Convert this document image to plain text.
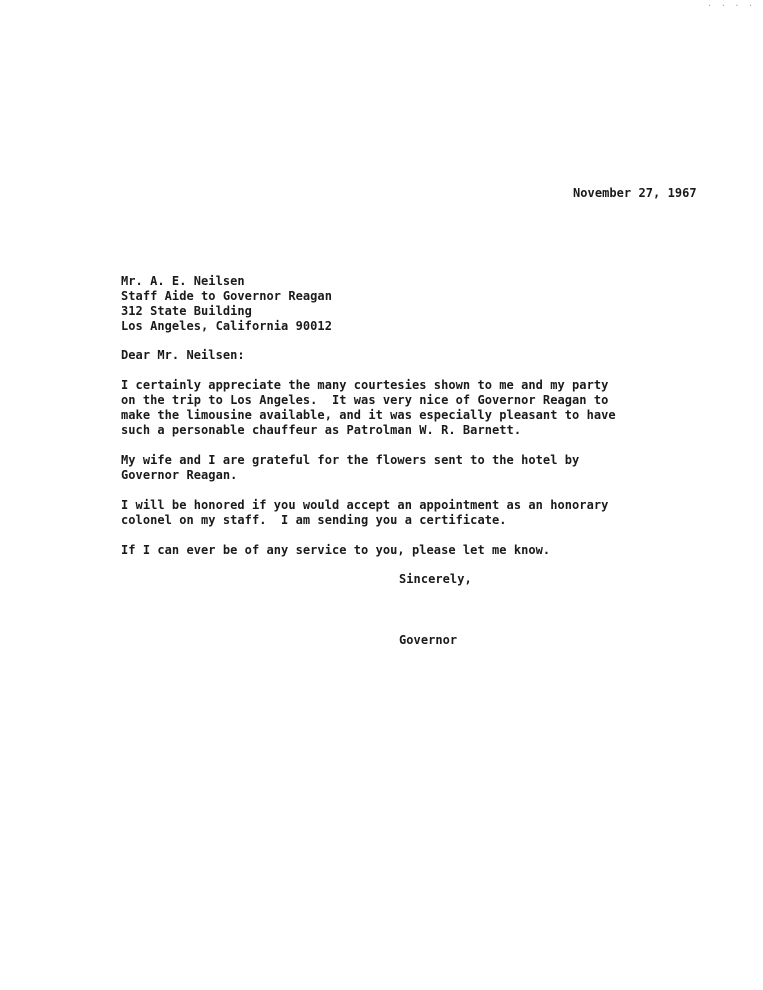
· · · ·
November 27, 1967
Mr. A. E. Neilsen
Staff Aide to Governor Reagan
312 State Building
Los Angeles, California 90012
Dear Mr. Neilsen:
I certainly appreciate the many courtesies shown to me and my party
on the trip to Los Angeles.  It was very nice of Governor Reagan to
make the limousine available, and it was especially pleasant to have
such a personable chauffeur as Patrolman W. R. Barnett.
My wife and I are grateful for the flowers sent to the hotel by
Governor Reagan.
I will be honored if you would accept an appointment as an honorary
colonel on my staff.  I am sending you a certificate.
If I can ever be of any service to you, please let me know.
Sincerely,
Governor
